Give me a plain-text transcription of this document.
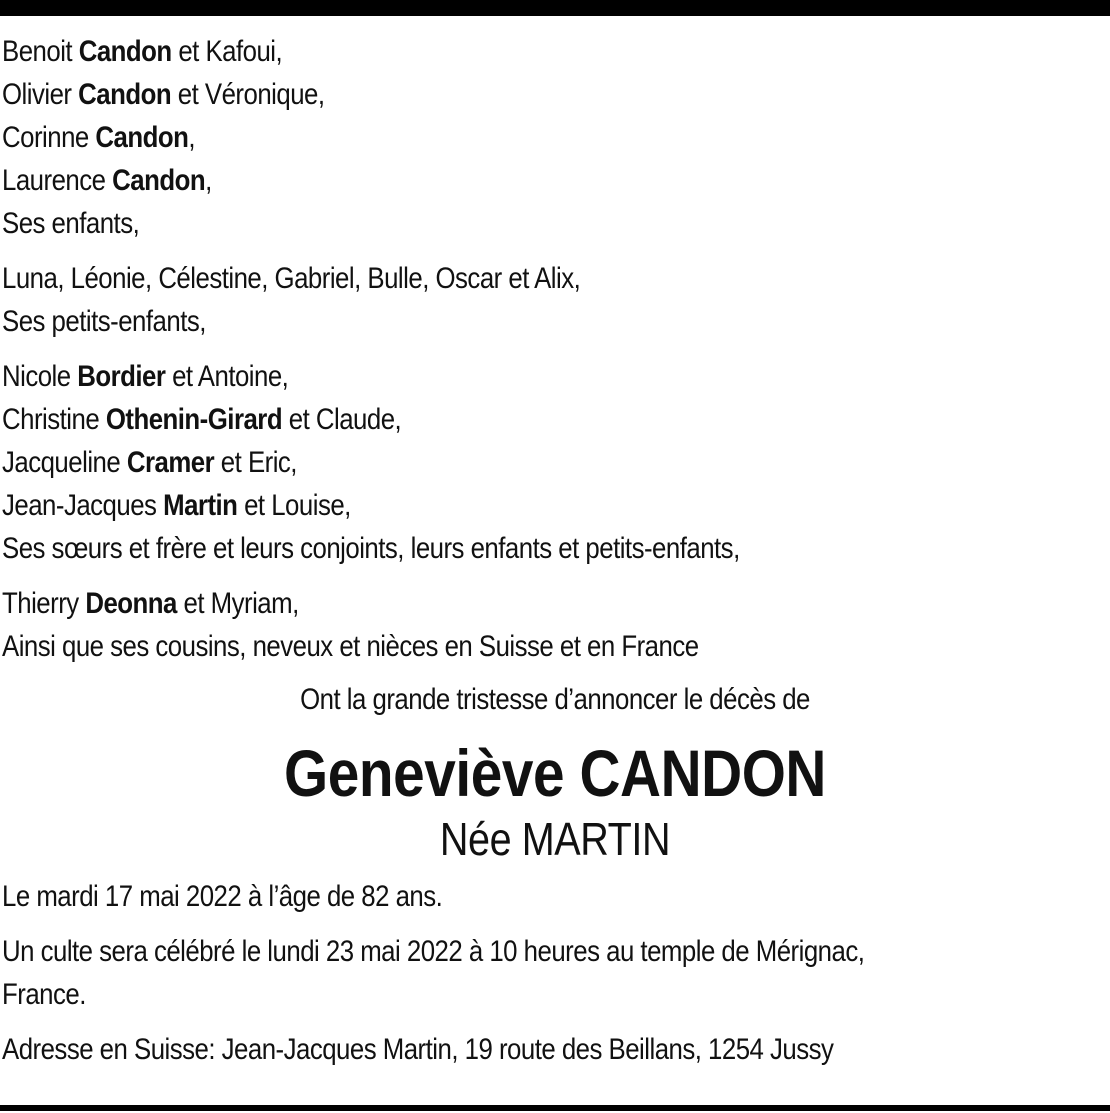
Benoit Candon et Kafoui,
Olivier Candon et Véronique,
Corinne Candon,
Laurence Candon,
Ses enfants,
Luna, Léonie, Célestine, Gabriel, Bulle, Oscar et Alix,
Ses petits-enfants,
Nicole Bordier et Antoine,
Christine Othenin-Girard et Claude,
Jacqueline Cramer et Eric,
Jean-Jacques Martin et Louise,
Ses sœurs et frère et leurs conjoints, leurs enfants et petits-enfants,
Thierry Deonna et Myriam,
Ainsi que ses cousins, neveux et nièces en Suisse et en France
Ont la grande tristesse d’annoncer le décès de
Geneviève CANDON
Née MARTIN
Le mardi 17 mai 2022 à l’âge de 82 ans.
Un culte sera célébré le lundi 23 mai 2022 à 10 heures au temple de Mérignac,
France.
Adresse en Suisse: Jean-Jacques Martin, 19 route des Beillans, 1254 Jussy
